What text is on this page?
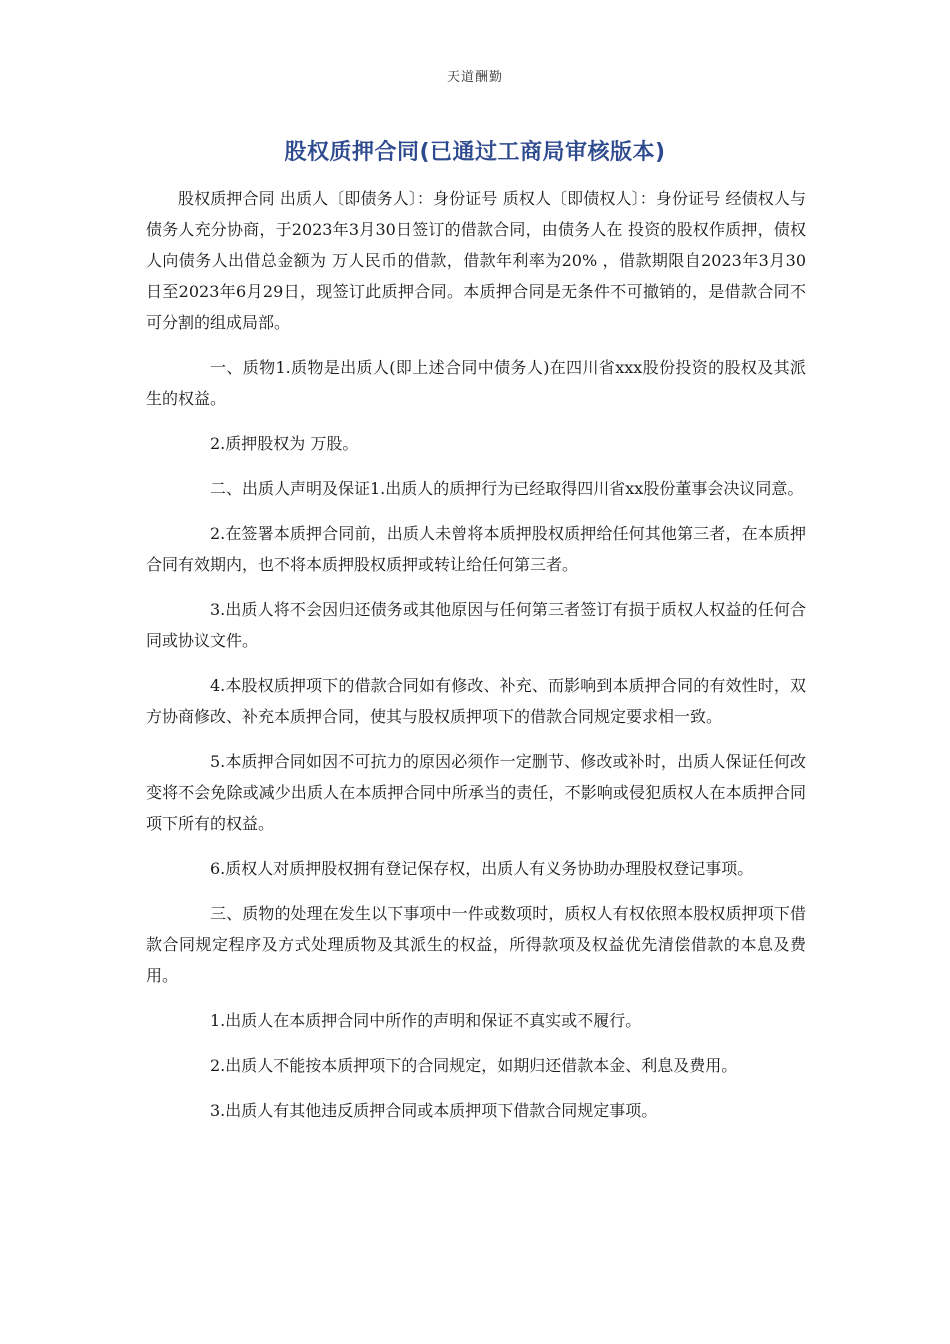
天道酬勤
股权质押合同(已通过工商局审核版本)

股权质押合同 出质人〔即债务人〕：身份证号 质权人〔即债权人〕：身份证号 经债权人与债务人充分协商，于2023年3月30日签订的借款合同，由债务人在 投资的股权作质押，债权人向债务人出借总金额为 万人民币的借款，借款年利率为20% ，借款期限自2023年3月30日至2023年6月29日，现签订此质押合同。本质押合同是无条件不可撤销的，是借款合同不可分割的组成局部。

一、质物1.质物是出质人(即上述合同中债务人)在四川省xxx股份投资的股权及其派生的权益。

2.质押股权为 万股。

二、出质人声明及保证1.出质人的质押行为已经取得四川省xx股份董事会决议同意。

2.在签署本质押合同前，出质人未曾将本质押股权质押给任何其他第三者，在本质押合同有效期内，也不将本质押股权质押或转让给任何第三者。

3.出质人将不会因归还债务或其他原因与任何第三者签订有损于质权人权益的任何合同或协议文件。

4.本股权质押项下的借款合同如有修改、补充、而影响到本质押合同的有效性时，双方协商修改、补充本质押合同，使其与股权质押项下的借款合同规定要求相一致。

5.本质押合同如因不可抗力的原因必须作一定删节、修改或补时，出质人保证任何改变将不会免除或减少出质人在本质押合同中所承当的责任，不影响或侵犯质权人在本质押合同项下所有的权益。

6.质权人对质押股权拥有登记保存权，出质人有义务协助办理股权登记事项。

三、质物的处理在发生以下事项中一件或数项时，质权人有权依照本股权质押项下借款合同规定程序及方式处理质物及其派生的权益，所得款项及权益优先清偿借款的本息及费用。

1.出质人在本质押合同中所作的声明和保证不真实或不履行。

2.出质人不能按本质押项下的合同规定，如期归还借款本金、利息及费用。

3.出质人有其他违反质押合同或本质押项下借款合同规定事项。
